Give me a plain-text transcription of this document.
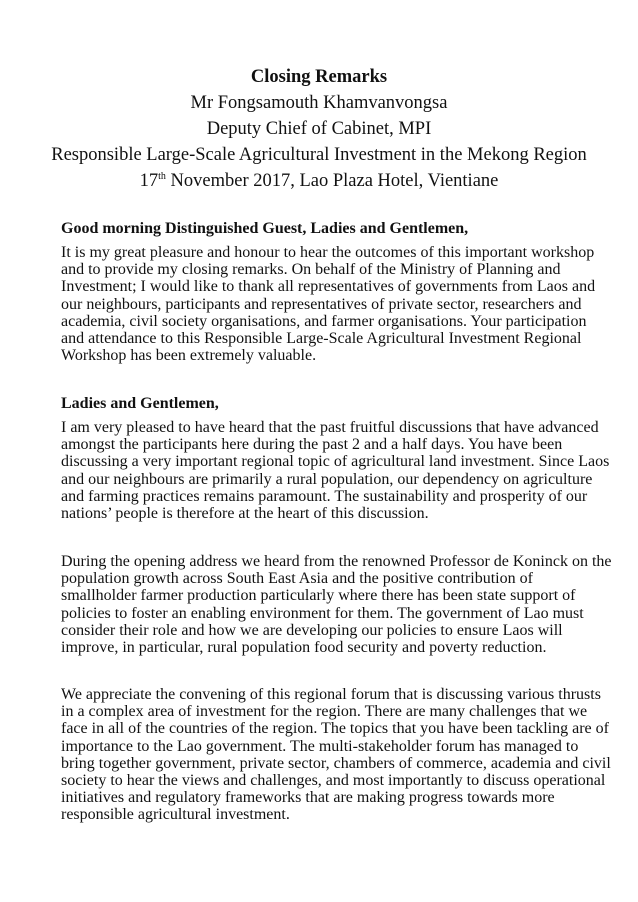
Closing Remarks
Mr Fongsamouth Khamvanvongsa
Deputy Chief of Cabinet, MPI
Responsible Large-Scale Agricultural Investment in the Mekong Region
17th November 2017, Lao Plaza Hotel, Vientiane
Good morning Distinguished Guest, Ladies and Gentlemen,
It is my great pleasure and honour to hear the outcomes of this important workshop
and to provide my closing remarks. On behalf of the Ministry of Planning and
Investment; I would like to thank all representatives of governments from Laos and
our neighbours, participants and representatives of private sector, researchers and
academia, civil society organisations, and farmer organisations. Your participation
and attendance to this Responsible Large-Scale Agricultural Investment Regional
Workshop has been extremely valuable.
Ladies and Gentlemen,
I am very pleased to have heard that the past fruitful discussions that have advanced
amongst the participants here during the past 2 and a half days. You have been
discussing a very important regional topic of agricultural land investment. Since Laos
and our neighbours are primarily a rural population, our dependency on agriculture
and farming practices remains paramount. The sustainability and prosperity of our
nations’ people is therefore at the heart of this discussion.
During the opening address we heard from the renowned Professor de Koninck on the
population growth across South East Asia and the positive contribution of
smallholder farmer production particularly where there has been state support of
policies to foster an enabling environment for them. The government of Lao must
consider their role and how we are developing our policies to ensure Laos will
improve, in particular, rural population food security and poverty reduction.
We appreciate the convening of this regional forum that is discussing various thrusts
in a complex area of investment for the region. There are many challenges that we
face in all of the countries of the region. The topics that you have been tackling are of
importance to the Lao government. The multi-stakeholder forum has managed to
bring together government, private sector, chambers of commerce, academia and civil
society to hear the views and challenges, and most importantly to discuss operational
initiatives and regulatory frameworks that are making progress towards more
responsible agricultural investment.
